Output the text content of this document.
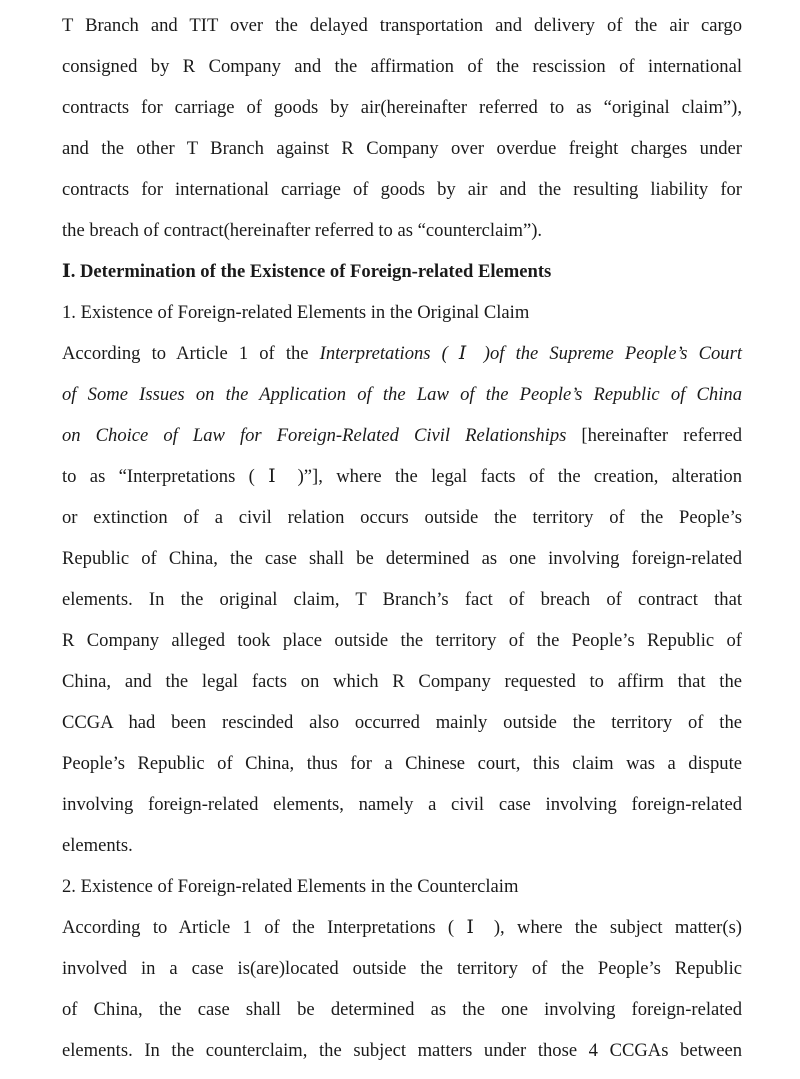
T Branch and TIT over the delayed transportation and delivery of the air cargo
consigned by R Company and the affirmation of the rescission of international
contracts for carriage of goods by air(hereinafter referred to as “original claim”),
and the other T Branch against R Company over overdue freight charges under
contracts for international carriage of goods by air and the resulting liability for
the breach of contract(hereinafter referred to as “counterclaim”).
Ⅰ. Determination of the Existence of Foreign-related Elements
1. Existence of Foreign-related Elements in the Original Claim
According to Article 1 of the Interpretations ( Ⅰ )of the Supreme People’s Court
of Some Issues on the Application of the Law of the People’s Republic of China
on Choice of Law for Foreign-Related Civil Relationships [hereinafter referred
to as “Interpretations ( Ⅰ )”], where the legal facts of the creation, alteration
or extinction of a civil relation occurs outside the territory of the People’s
Republic of China, the case shall be determined as one involving foreign-related
elements. In the original claim, T Branch’s fact of breach of contract that
R Company alleged took place outside the territory of the People’s Republic of
China, and the legal facts on which R Company requested to affirm that the
CCGA had been rescinded also occurred mainly outside the territory of the
People’s Republic of China, thus for a Chinese court, this claim was a dispute
involving foreign-related elements, namely a civil case involving foreign-related
elements.
2. Existence of Foreign-related Elements in the Counterclaim
According to Article 1 of the Interpretations ( Ⅰ ), where the subject matter(s)
involved in a case is(are)located outside the territory of the People’s Republic
of China, the case shall be determined as the one involving foreign-related
elements. In the counterclaim, the subject matters under those 4 CCGAs between
